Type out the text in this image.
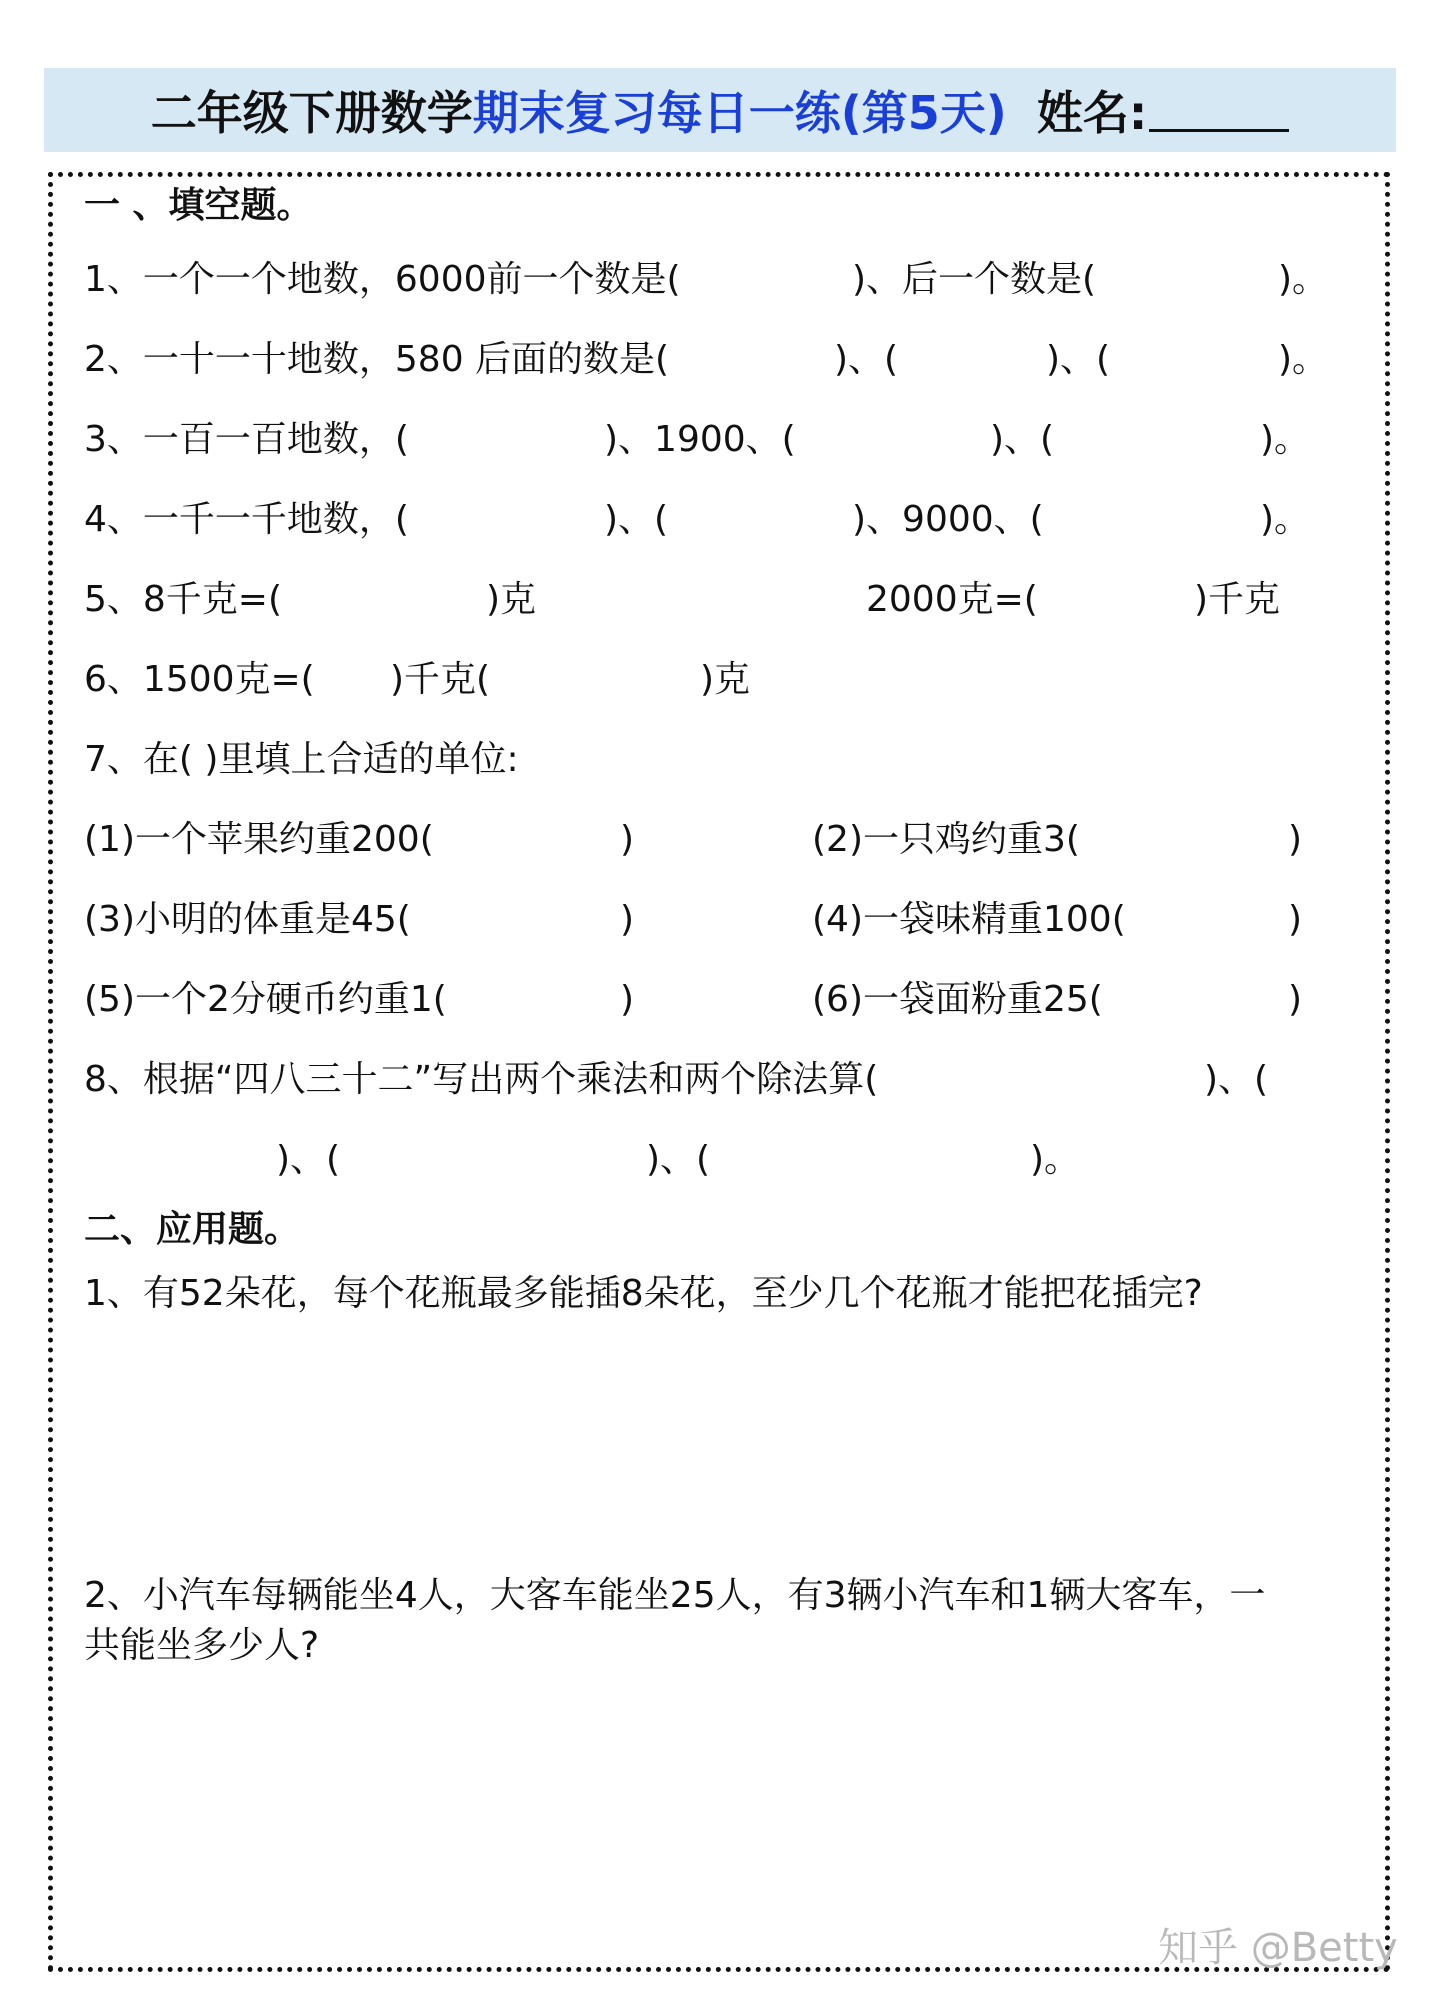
二年级下册数学 期末复习每日一练(第5天) 姓名:
一 、填空题。
1、一个一个地数，6000前一个数是(	)、后一个数是(	)。
2、一十一十地数，580 后面的数是(	)、(	)、(	)。
3、一百一百地数，(	)、1900、(	)、(	)。
4、一千一千地数，(	)、(	)、9000、(	)。
5、8千克=(	)克	2000克=(	)千克
6、1500克=( )千克(	)克
7、在( )里填上合适的单位:
(1)一个苹果约重200(	)	(2)一只鸡约重3(	)
(3)小明的体重是45(	)	(4)一袋味精重100(	)
(5)一个2分硬币约重1(	)	(6)一袋面粉重25(	)
8、根据“四八三十二”写出两个乘法和两个除法算(	)、(
)、(	)、(	)。
二、应用题。
1、有52朵花，每个花瓶最多能插8朵花，至少几个花瓶才能把花插完?
2、小汽车每辆能坐4人，大客车能坐25人，有3辆小汽车和1辆大客车，一
共能坐多少人?
知乎 @Betty
